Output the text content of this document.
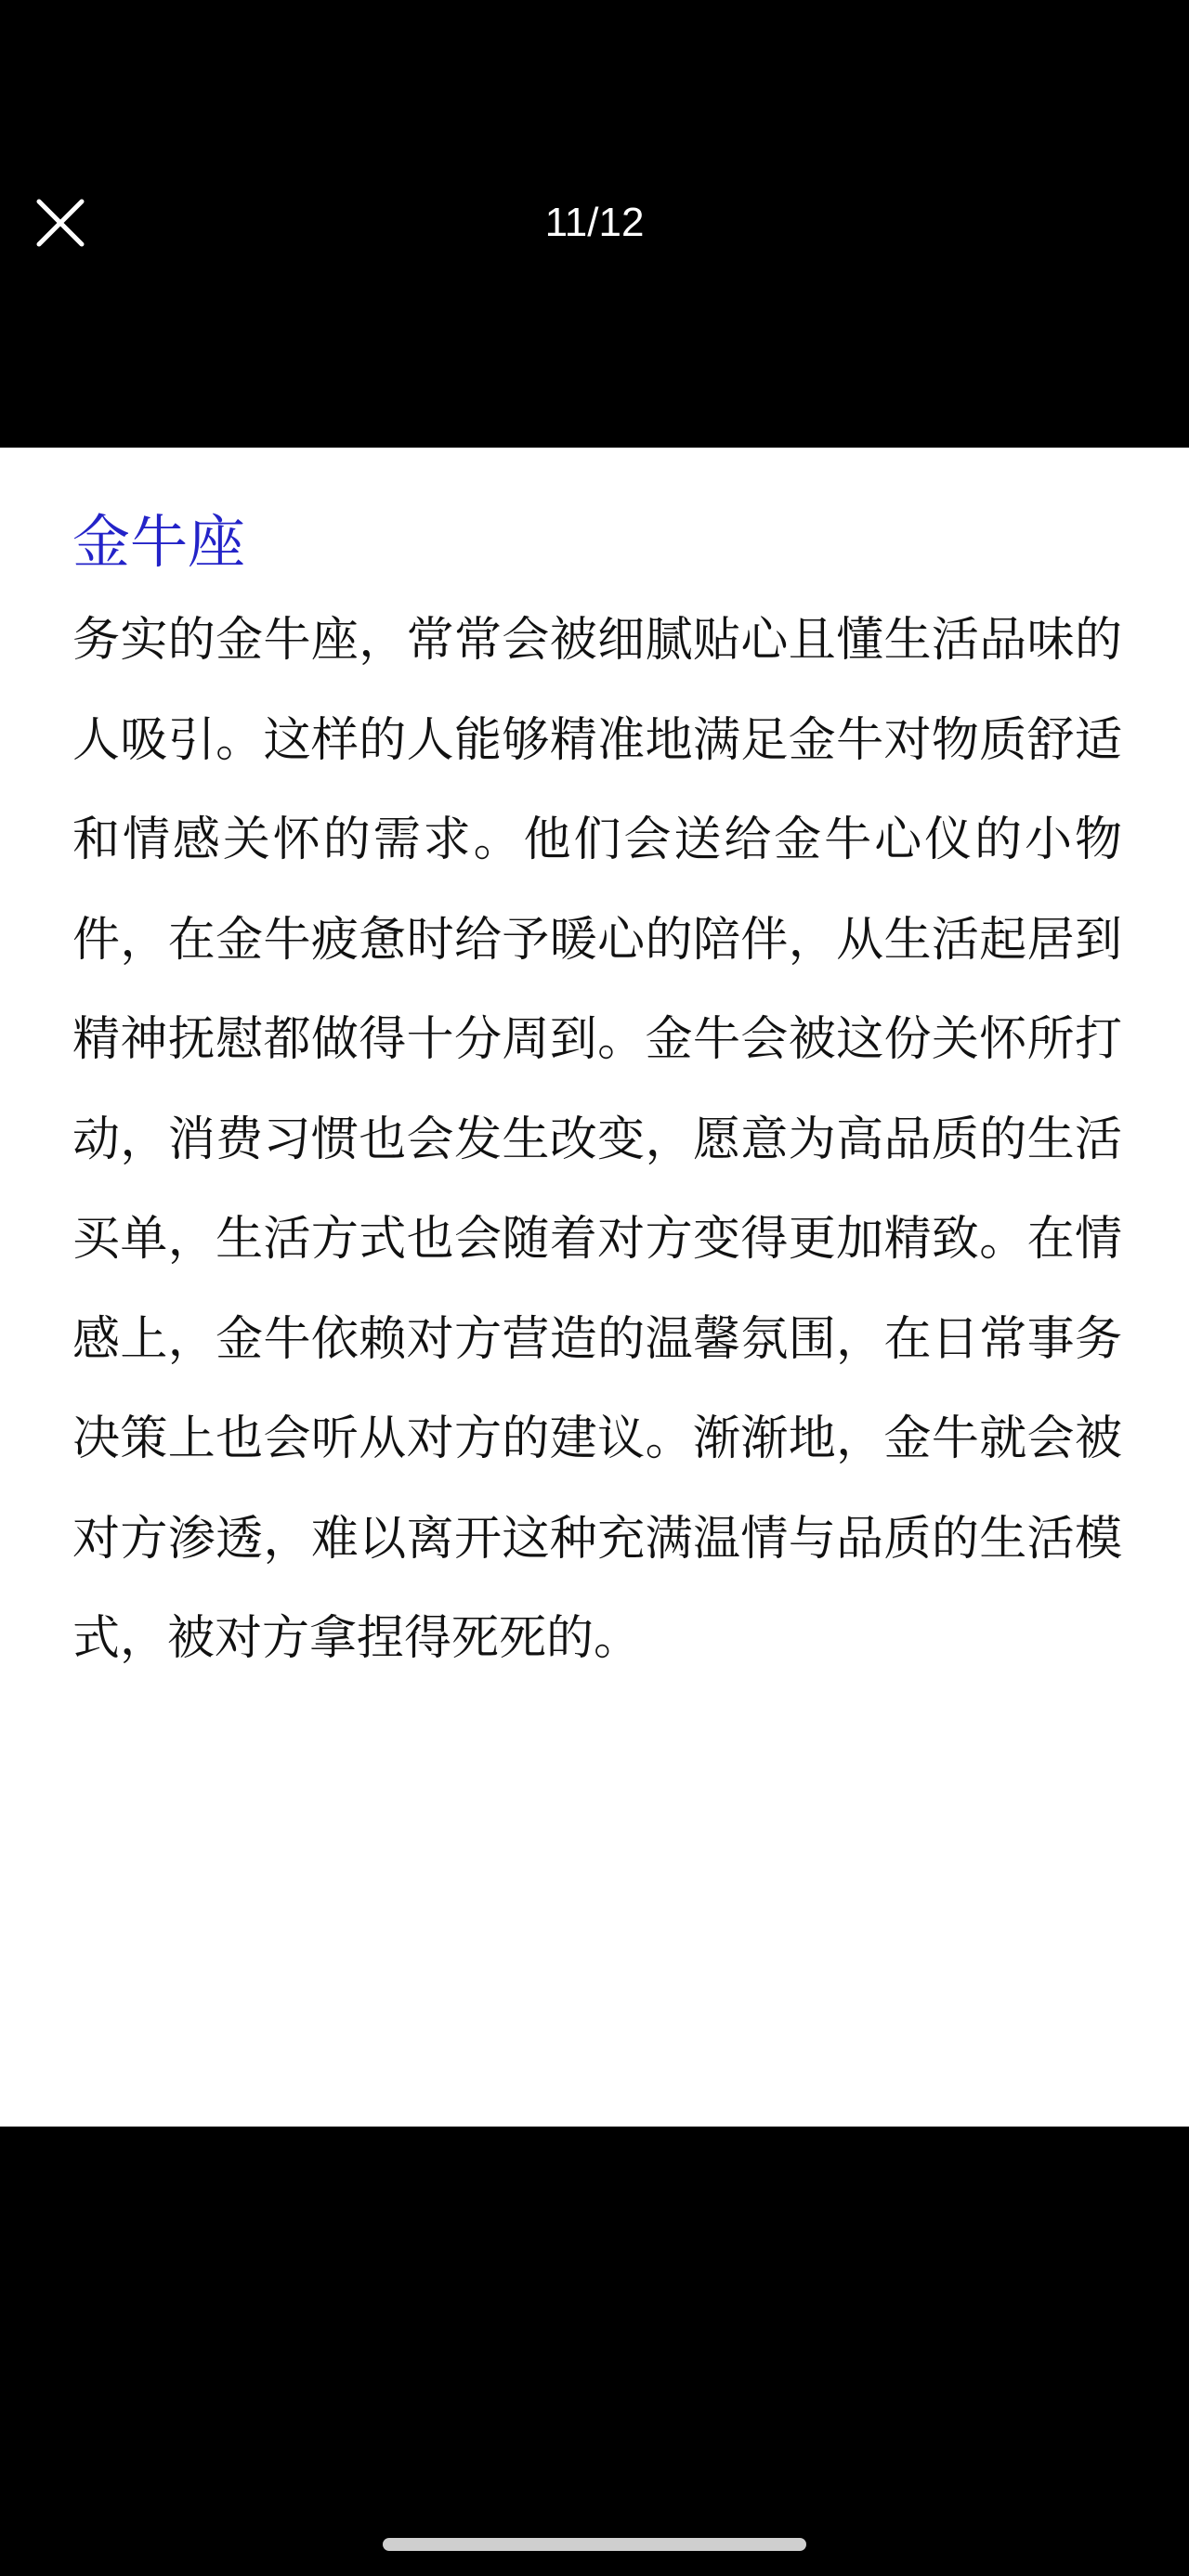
11/12
金牛座

务实的金牛座，常常会被细腻贴心且懂生活品味的人吸引。这样的人能够精准地满足金牛对物质舒适和情感关怀的需求。他们会送给金牛心仪的小物件，在金牛疲惫时给予暖心的陪伴，从生活起居到精神抚慰都做得十分周到。金牛会被这份关怀所打动，消费习惯也会发生改变，愿意为高品质的生活买单，生活方式也会随着对方变得更加精致。在情感上，金牛依赖对方营造的温馨氛围，在日常事务决策上也会听从对方的建议。渐渐地，金牛就会被对方渗透，难以离开这种充满温情与品质的生活模式，被对方拿捏得死死的。
